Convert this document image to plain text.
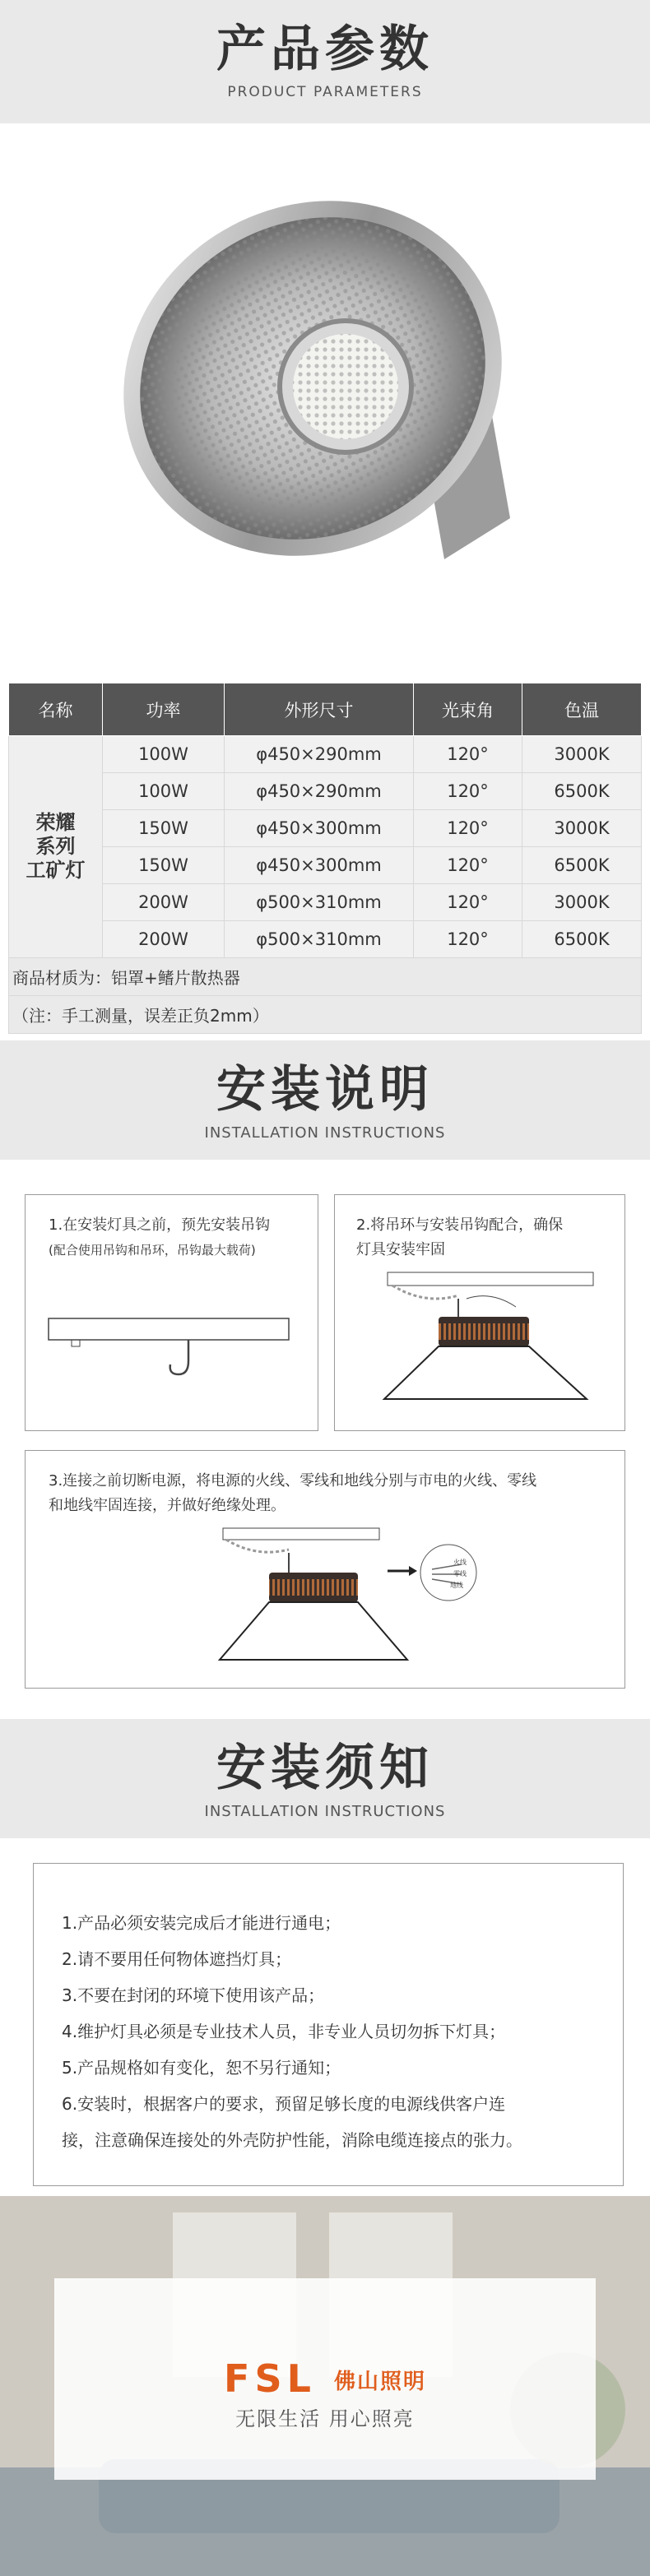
产品参数
PRODUCT PARAMETERS
名称	功率	外形尺寸	光束角	色温
荣耀
系列
工矿灯	100W	φ450×290mm	120°	3000K
	100W	φ450×290mm	120°	6500K
	150W	φ450×300mm	120°	3000K
	150W	φ450×300mm	120°	6500K
	200W	φ500×310mm	120°	3000K
	200W	φ500×310mm	120°	6500K
商品材质为：铝罩+鳍片散热器				
（注：手工测量，误差正负2mm）				
安装说明
INSTALLATION INSTRUCTIONS
1.在安装灯具之前，预先安装吊钩
(配合使用吊钩和吊环，吊钩最大载荷)
2.将吊环与安装吊钩配合，确保
灯具安装牢固
3.连接之前切断电源，将电源的火线、零线和地线分别与市电的火线、零线
和地线牢固连接，并做好绝缘处理。
火线
零线
地线
安装须知
INSTALLATION INSTRUCTIONS
1.产品必须安装完成后才能进行通电；
2.请不要用任何物体遮挡灯具；
3.不要在封闭的环境下使用该产品；
4.维护灯具必须是专业技术人员，非专业人员切勿拆下灯具；
5.产品规格如有变化，恕不另行通知；
6.安装时，根据客户的要求，预留足够长度的电源线供客户连
接，注意确保连接处的外壳防护性能，消除电缆连接点的张力。
FSL 佛山照明
无限生活 用心照亮
